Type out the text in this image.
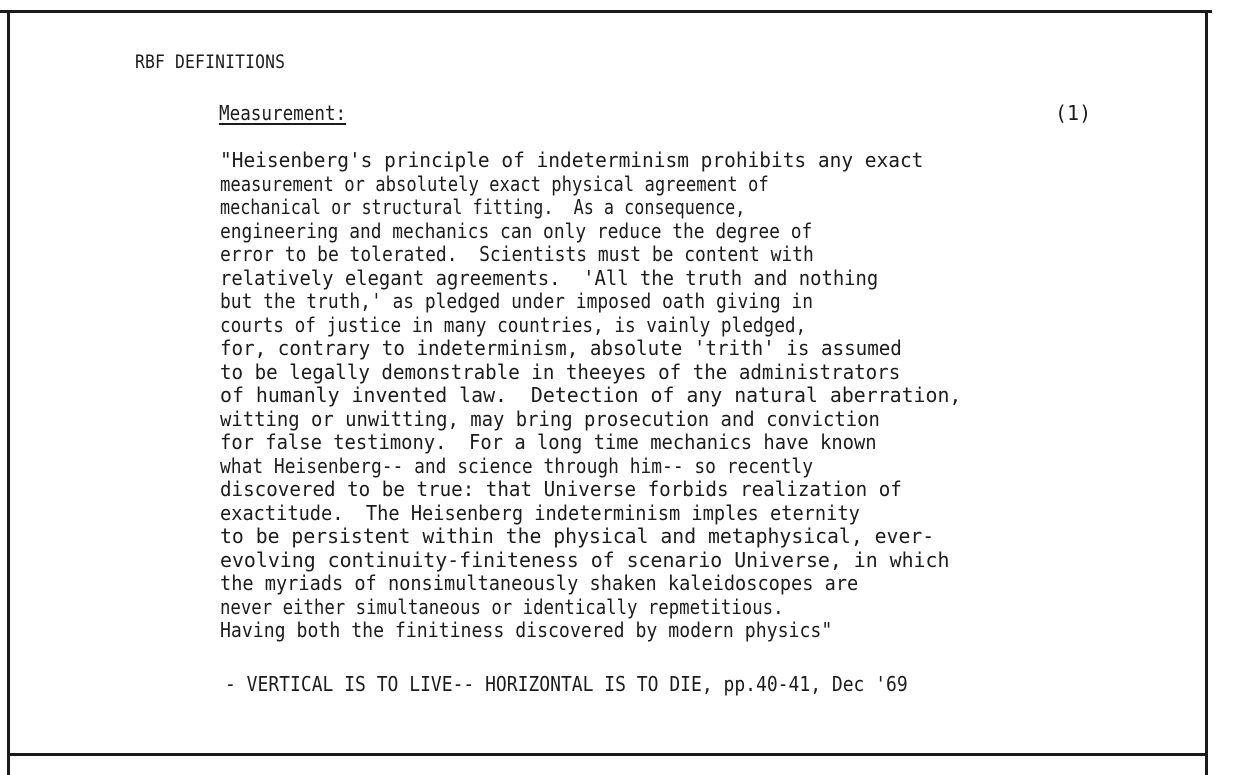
RBF DEFINITIONS
Measurement:	(1)
"Heisenberg's principle of indeterminism prohibits any exact
measurement or absolutely exact physical agreement of
mechanical or structural fitting.  As a consequence,
engineering and mechanics can only reduce the degree of
error to be tolerated.  Scientists must be content with
relatively elegant agreements.  'All the truth and nothing
but the truth,' as pledged under imposed oath giving in
courts of justice in many countries, is vainly pledged,
for, contrary to indeterminism, absolute 'trith' is assumed
to be legally demonstrable in theeyes of the administrators
of humanly invented law.  Detection of any natural aberration,
witting or unwitting, may bring prosecution and conviction
for false testimony.  For a long time mechanics have known
what Heisenberg-- and science through him-- so recently
discovered to be true: that Universe forbids realization of
exactitude.  The Heisenberg indeterminism imples eternity
to be persistent within the physical and metaphysical, ever-
evolving continuity-finiteness of scenario Universe, in which
the myriads of nonsimultaneously shaken kaleidoscopes are
never either simultaneous or identically repmetitious.
Having both the finitiness discovered by modern physics"
- VERTICAL IS TO LIVE-- HORIZONTAL IS TO DIE, pp.40-41, Dec '69
